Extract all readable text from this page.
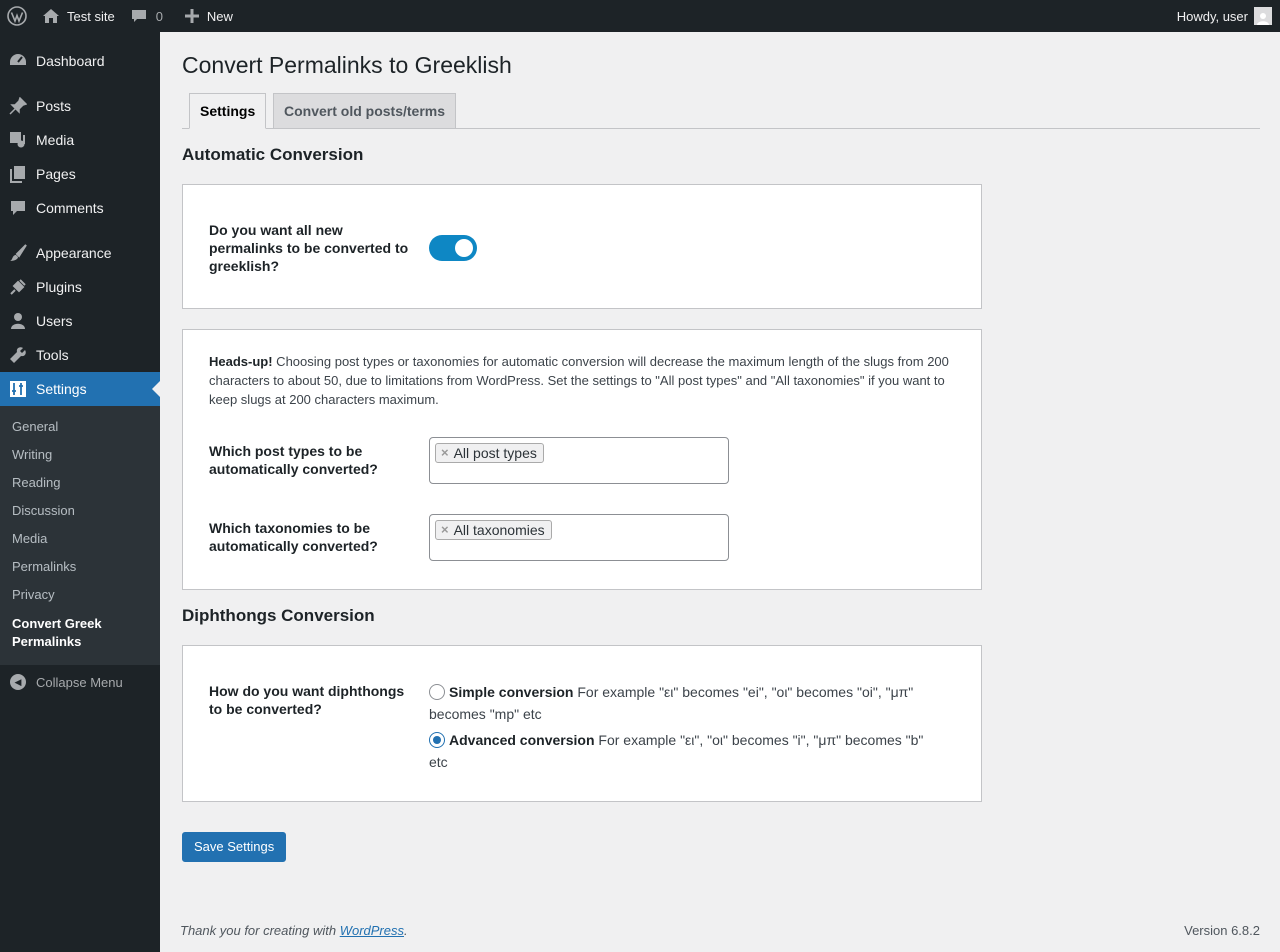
Test site	0	New	Howdy, user
Dashboard
Posts
Media
Pages
Comments
Appearance
Plugins
Users
Tools
Settings
General
Writing
Reading
Discussion
Media
Permalinks
Privacy
Convert Greek Permalinks
◀	Collapse Menu
Convert Permalinks to Greeklish
Settings	Convert old posts/terms
Automatic Conversion
Do you want all new permalinks to be converted to greeklish?
Heads-up! Choosing post types or taxonomies for automatic conversion will decrease the maximum length of the slugs from 200 characters to about 50, due to limitations from WordPress. Set the settings to "All post types" and "All taxonomies" if you want to keep slugs at 200 characters maximum.
Which post types to be automatically converted?
× All post types
Which taxonomies to be automatically converted?
× All taxonomies
Diphthongs Conversion
How do you want diphthongs to be converted?
Simple conversion For example "ει" becomes "ei", "οι" becomes "oi", "μπ" becomes "mp" etc
Advanced conversion For example "ει", "οι" becomes "i", "μπ" becomes "b" etc
Save Settings
Thank you for creating with WordPress.	Version 6.8.2
